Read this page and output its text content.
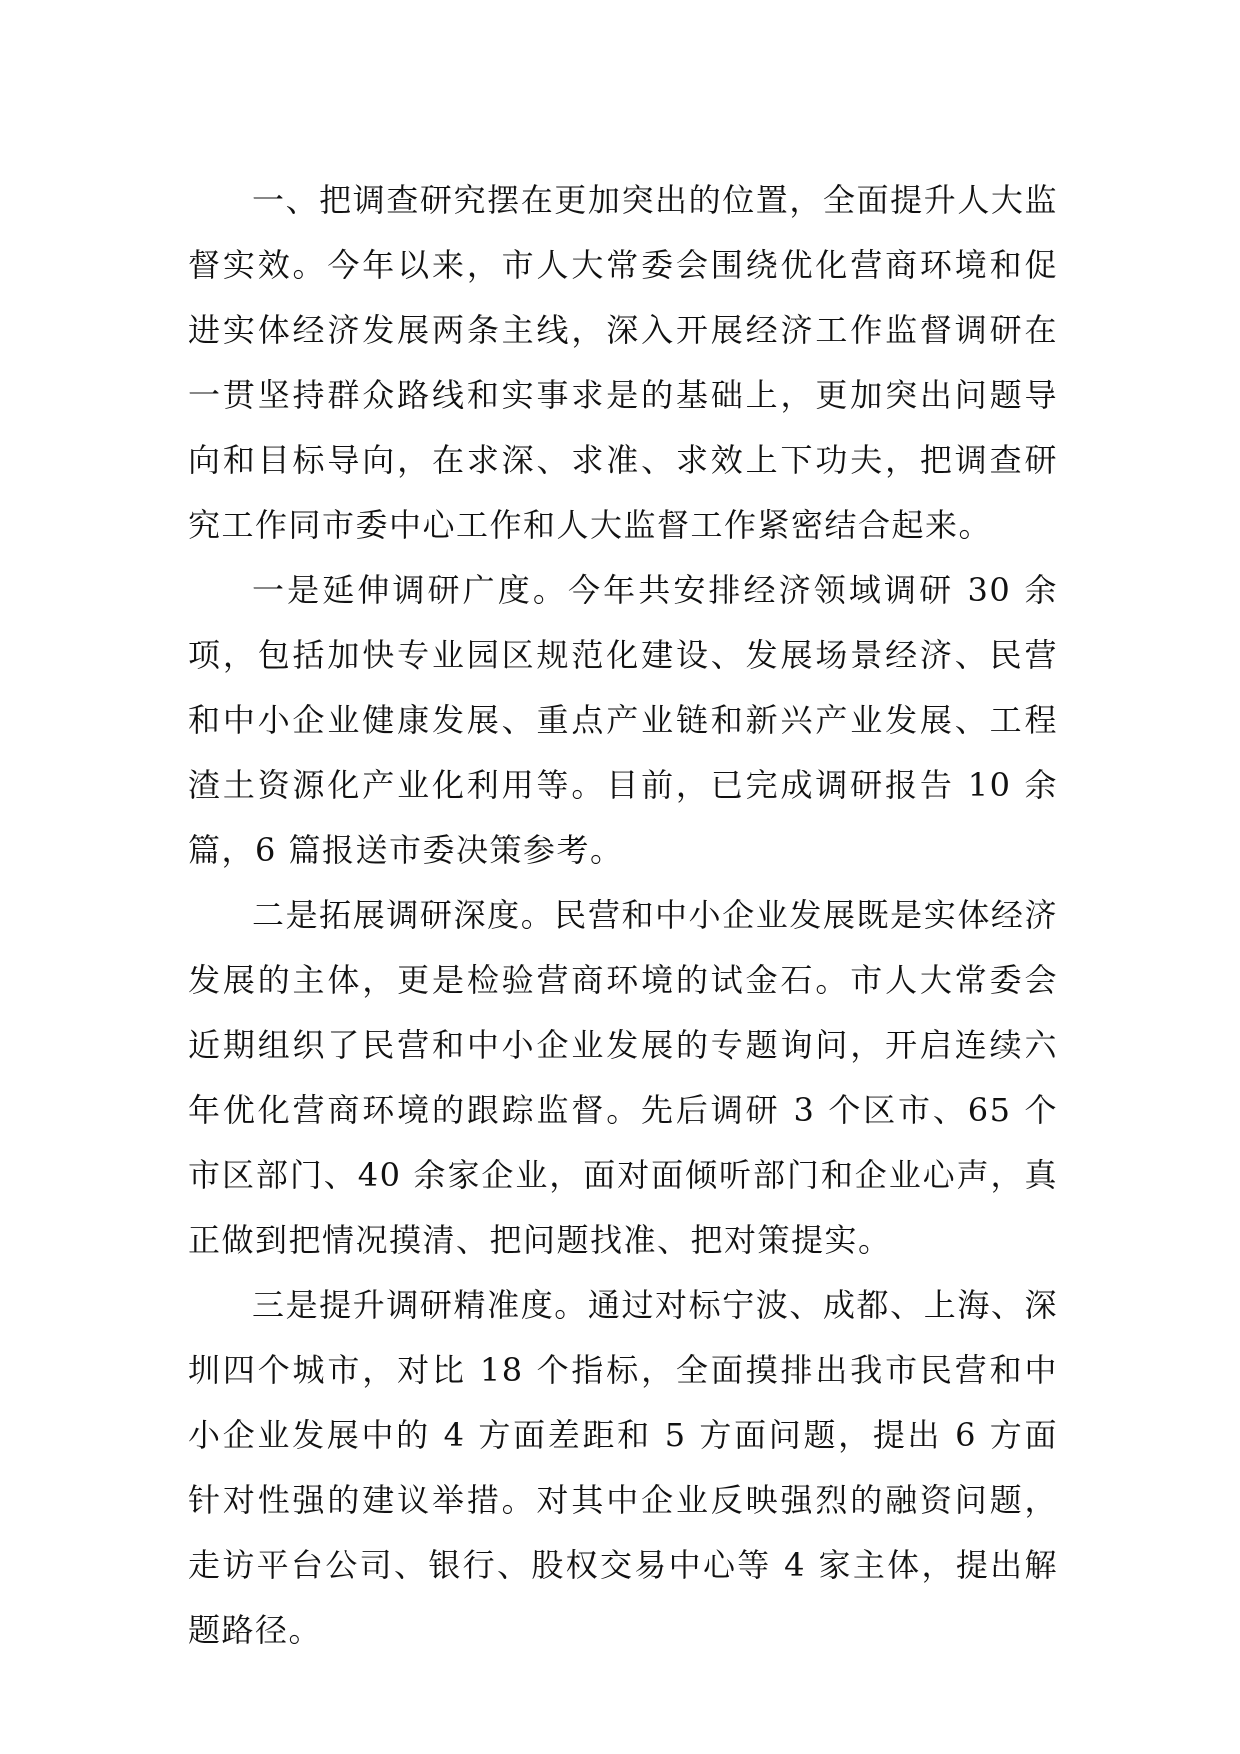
一、把调查研究摆在更加突出的位置，全面提升人大监督实效。今年以来，市人大常委会围绕优化营商环境和促进实体经济发展两条主线，深入开展经济工作监督调研在一贯坚持群众路线和实事求是的基础上，更加突出问题导向和目标导向，在求深、求准、求效上下功夫，把调查研究工作同市委中心工作和人大监督工作紧密结合起来。

一是延伸调研广度。今年共安排经济领域调研 30 余项，包括加快专业园区规范化建设、发展场景经济、民营和中小企业健康发展、重点产业链和新兴产业发展、工程渣土资源化产业化利用等。目前，已完成调研报告 10 余篇，6 篇报送市委决策参考。

二是拓展调研深度。民营和中小企业发展既是实体经济发展的主体，更是检验营商环境的试金石。市人大常委会近期组织了民营和中小企业发展的专题询问，开启连续六年优化营商环境的跟踪监督。先后调研 3 个区市、65 个市区部门、40 余家企业，面对面倾听部门和企业心声，真正做到把情况摸清、把问题找准、把对策提实。

三是提升调研精准度。通过对标宁波、成都、上海、深圳四个城市，对比 18 个指标，全面摸排出我市民营和中小企业发展中的 4 方面差距和 5 方面问题，提出 6 方面针对性强的建议举措。对其中企业反映强烈的融资问题，走访平台公司、银行、股权交易中心等 4 家主体，提出解题路径。
